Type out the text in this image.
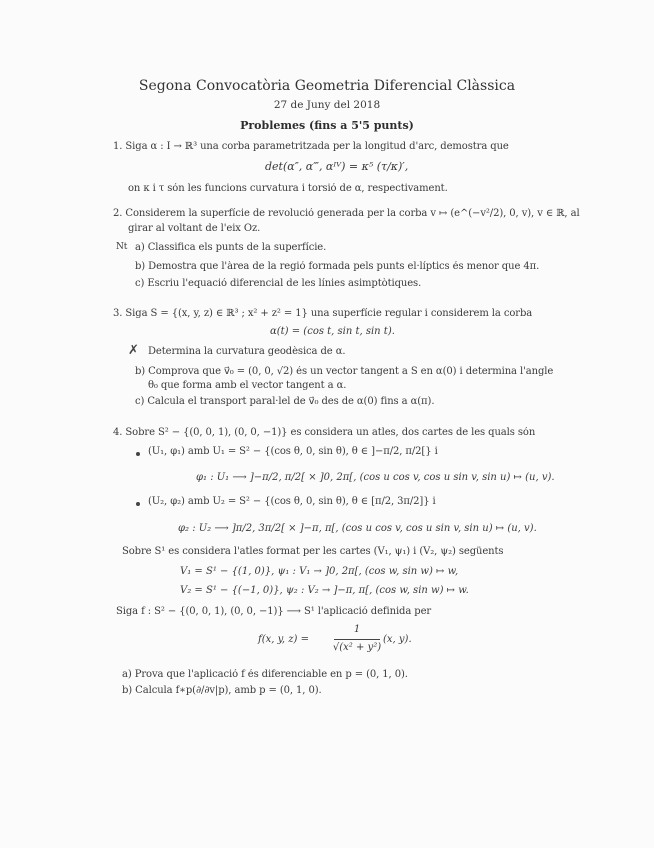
Segona Convocatòria Geometria Diferencial Clàssica
27 de Juny del 2018
Problemes (fins a 5'5 punts)
1. Siga α : I → ℝ³ una corba parametritzada per la longitud d'arc, demostra que
det(α″, α‴, αᴵⱽ) = κ⁵ (τ/κ)′,
on κ i τ són les funcions curvatura i torsió de α, respectivament.
2. Considerem la superfície de revolució generada per la corba v ↦ (e^(−v²/2), 0, v), v ∈ ℝ, al
girar al voltant de l'eix Oz.
Nt a) Classifica els punts de la superfície.
b) Demostra que l'àrea de la regió formada pels punts el·líptics és menor que 4π.
c) Escriu l'equació diferencial de les línies asimptòtiques.
3. Siga S = {(x, y, z) ∈ ℝ³ ; x² + z² = 1} una superfície regular i considerem la corba
α(t) = (cos t, sin t, sin t).
✗ Determina la curvatura geodèsica de α.
b) Comprova que v⃗₀ = (0, 0, √2) és un vector tangent a S en α(0) i determina l'angle
θ₀ que forma amb el vector tangent a α.
c) Calcula el transport paral·lel de v⃗₀ des de α(0) fins a α(π).
4. Sobre S² − {(0, 0, 1), (0, 0, −1)} es considera un atles, dos cartes de les quals són
(U₁, φ₁) amb U₁ = S² − {(cos θ, 0, sin θ), θ ∈ ]−π/2, π/2[} i
φ₁ : U₁ ⟶ ]−π/2, π/2[ × ]0, 2π[, (cos u cos v, cos u sin v, sin u) ↦ (u, v).
(U₂, φ₂) amb U₂ = S² − {(cos θ, 0, sin θ), θ ∈ [π/2, 3π/2]} i
φ₂ : U₂ ⟶ ]π/2, 3π/2[ × ]−π, π[, (cos u cos v, cos u sin v, sin u) ↦ (u, v).
Sobre S¹ es considera l'atles format per les cartes (V₁, ψ₁) i (V₂, ψ₂) següents
V₁ = S¹ − {(1, 0)}, ψ₁ : V₁ → ]0, 2π[, (cos w, sin w) ↦ w,
V₂ = S¹ − {(−1, 0)}, ψ₂ : V₂ → ]−π, π[, (cos w, sin w) ↦ w.
Siga f : S² − {(0, 0, 1), (0, 0, −1)} ⟶ S¹ l'aplicació definida per
f(x, y, z) =
1
√(x² + y²)
(x, y).
a) Prova que l'aplicació f és diferenciable en p = (0, 1, 0).
b) Calcula f∗p(∂/∂v|p), amb p = (0, 1, 0).
